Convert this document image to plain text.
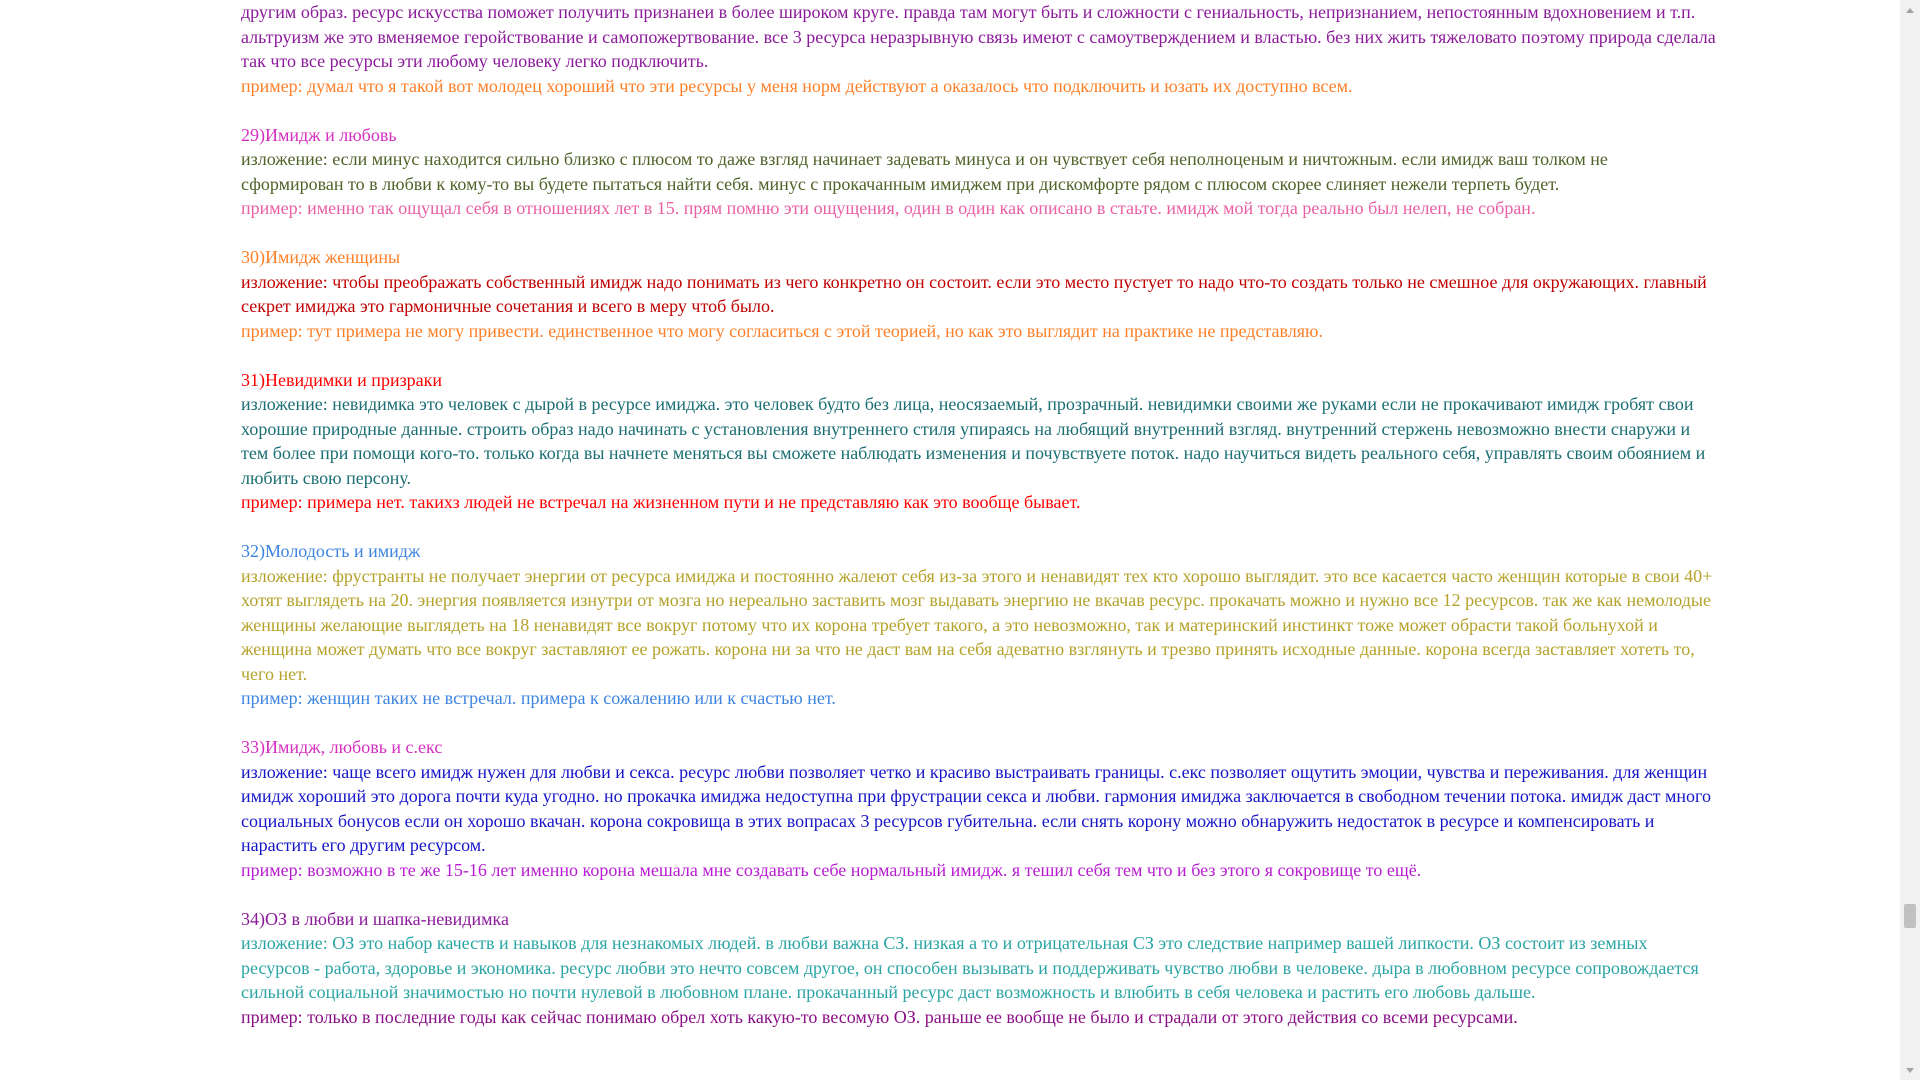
другим образ. ресурс искусства поможет получить признанеи в более широком круге. правда там могут быть и сложности с гениальность, непризнанием, непостоянным вдохновением и т.п.
альтруизм же это вменяемое геройствование и самопожертвование. все 3 ресурса неразрывную связь имеют с самоутверждением и властью. без них жить тяжеловато поэтому природа сделала
так что все ресурсы эти любому человеку легко подключить.
пример: думал что я такой вот молодец хороший что эти ресурсы у меня норм действуют а оказалось что подключить и юзать их доступно всем.
29)Имидж и любовь
изложение: если минус находится сильно близко с плюсом то даже взгляд начинает задевать минуса и он чувствует себя неполноценым и ничтожным. если имидж ваш толком не
сформирован то в любви к кому-то вы будете пытаться найти себя. минус с прокачанным имиджем при дискомфорте рядом с плюсом скорее слиняет нежели терпеть будет.
пример: именно так ощущал себя в отношениях лет в 15. прям помню эти ощущения, один в один как описано в стаьте. имидж мой тогда реально был нелеп, не собран.
30)Имидж женщины
изложение: чтобы преображать собственный имидж надо понимать из чего конкретно он состоит. если это место пустует то надо что-то создать только не смешное для окружающих. главный
секрет имиджа это гармоничные сочетания и всего в меру чтоб было.
пример: тут примера не могу привести. единственное что могу согласиться с этой теорией, но как это выглядит на практике не представляю.
31)Невидимки и призраки
изложение: невидимка это человек с дырой в ресурсе имиджа. это человек будто без лица, неосязаемый, прозрачный. невидимки своими же руками если не прокачивают имидж гробят свои
хорошие природные данные. строить образ надо начинать с установления внутреннего стиля упираясь на любящий внутренний взгляд. внутренний стержень невозможно внести снаружи и
тем более при помощи кого-то. только когда вы начнете меняться вы сможете наблюдать изменения и почувствуете поток. надо научиться видеть реального себя, управлять своим обоянием и
любить свою персону.
пример: примера нет. такихз людей не встречал на жизненном пути и не представляю как это вообще бывает.
32)Молодость и имидж
изложение: фрустранты не получает энергии от ресурса имиджа и постоянно жалеют себя из-за этого и ненавидят тех кто хорошо выглядит. это все касается часто женщин которые в свои 40+
хотят выглядеть на 20. энергия появляется изнутри от мозга но нереально заставить мозг выдавать энергию не вкачав ресурс. прокачать можно и нужно все 12 ресурсов. так же как немолодые
женщины желающие выглядеть на 18 ненавидят все вокруг потому что их корона требует такого, а это невозможно, так и материнский инстинкт тоже может обрасти такой больнухой и
женщина может думать что все вокруг заставляют ее рожать. корона ни за что не даст вам на себя адеватно взглянуть и трезво принять исходные данные. корона всегда заставляет хотеть то,
чего нет.
пример: женщин таких не встречал. примера к сожалению или к счастью нет.
33)Имидж, любовь и с.екс
изложение: чаще всего имидж нужен для любви и секса. ресурс любви позволяет четко и красиво выстраивать границы. с.екс позволяет ощутить эмоции, чувства и переживания. для женщин
имидж хороший это дорога почти куда угодно. но прокачка имиджа недоступна при фрустрации секса и любви. гармония имиджа заключается в свободном течении потока. имидж даст много
социальных бонусов если он хорошо вкачан. корона сокровища в этих вопрасах 3 ресурсов губительна. если снять корону можно обнаружить недостаток в ресурсе и компенсировать и
нарастить его другим ресурсом.
пример: возможно в те же 15-16 лет именно корона мешала мне создавать себе нормальный имидж. я тешил себя тем что и без этого я сокровище то ещё.
34)ОЗ в любви и шапка-невидимка
изложение: ОЗ это набор качеств и навыков для незнакомых людей. в любви важна СЗ. низкая а то и отрицательная СЗ это следствие например вашей липкости. ОЗ состоит из земных
ресурсов - работа, здоровье и экономика. ресурс любви это нечто совсем другое, он способен вызывать и поддерживать чувство любви в человеке. дыра в любовном ресурсе сопровождается
сильной социальной значимостью но почти нулевой в любовном плане. прокачанный ресурс даст возможность и влюбить в себя человека и растить его любовь дальше.
пример: только в последние годы как сейчас понимаю обрел хоть какую-то весомую ОЗ. раньше ее вообще не было и страдали от этого действия со всеми ресурсами.
